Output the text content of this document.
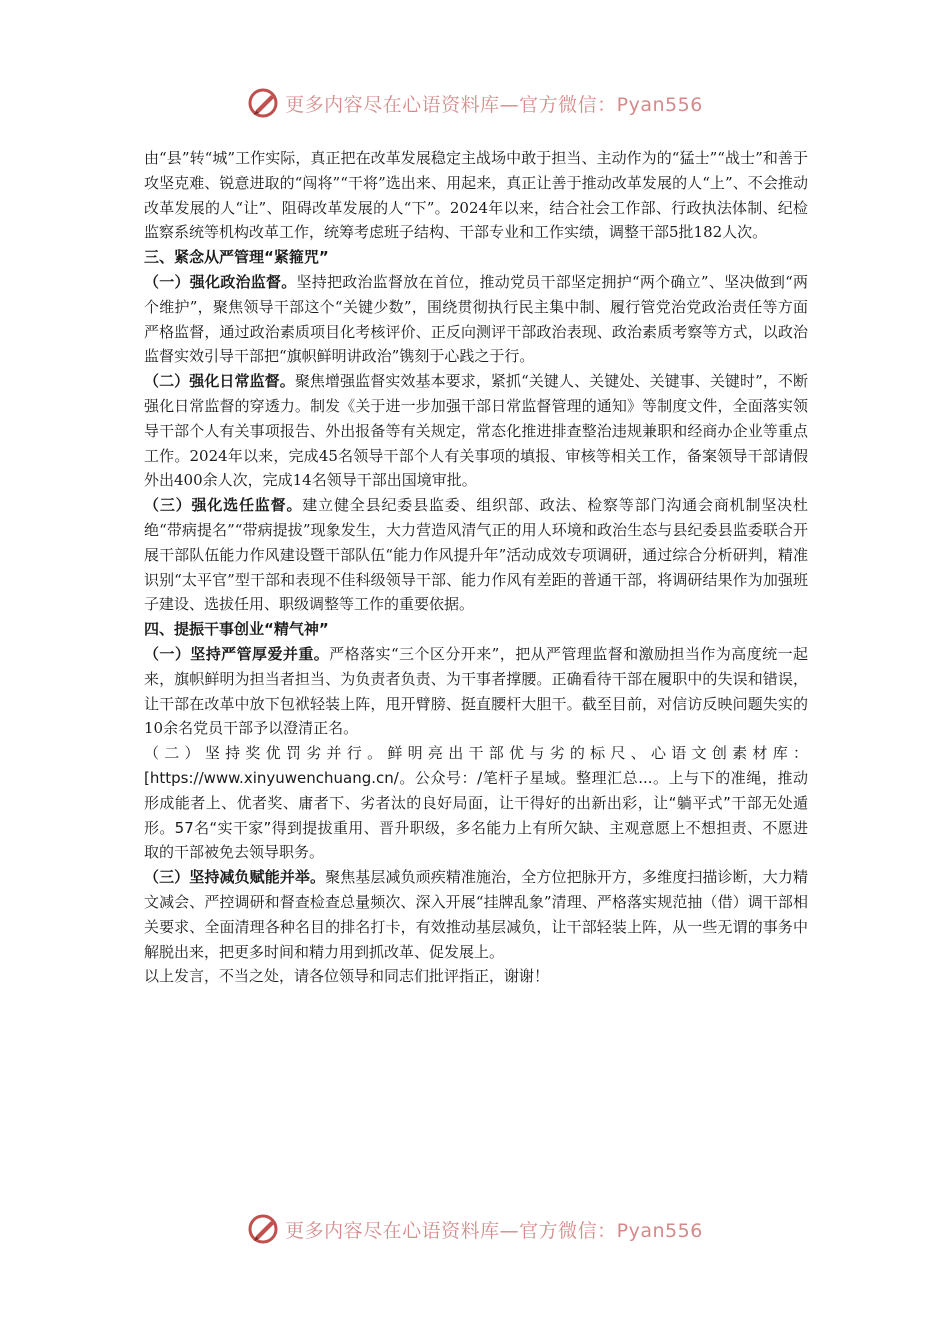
更多内容尽在心语资料库—官方微信：Pyan556

由“县”转“城”工作实际，真正把在改革发展稳定主战场中敢于担当、主动作为的“猛士”“战士”和善于攻坚克难、锐意进取的“闯将”“干将”选出来、用起来，真正让善于推动改革发展的人“上”、不会推动改革发展的人“让”、阻碍改革发展的人“下”。2024年以来，结合社会工作部、行政执法体制、纪检监察系统等机构改革工作，统筹考虑班子结构、干部专业和工作实绩，调整干部5批182人次。

三、紧念从严管理“紧箍咒”

（一）强化政治监督。坚持把政治监督放在首位，推动党员干部坚定拥护“两个确立”、坚决做到“两个维护”，聚焦领导干部这个“关键少数”，围绕贯彻执行民主集中制、履行管党治党政治责任等方面严格监督，通过政治素质项目化考核评价、正反向测评干部政治表现、政治素质考察等方式，以政治监督实效引导干部把“旗帜鲜明讲政治”镌刻于心践之于行。

（二）强化日常监督。聚焦增强监督实效基本要求，紧抓“关键人、关键处、关键事、关键时”，不断强化日常监督的穿透力。制发《关于进一步加强干部日常监督管理的通知》等制度文件，全面落实领导干部个人有关事项报告、外出报备等有关规定，常态化推进排查整治违规兼职和经商办企业等重点工作。2024年以来，完成45名领导干部个人有关事项的填报、审核等相关工作，备案领导干部请假外出400余人次，完成14名领导干部出国境审批。

（三）强化选任监督。建立健全县纪委县监委、组织部、政法、检察等部门沟通会商机制坚决杜绝“带病提名”“带病提拔”现象发生，大力营造风清气正的用人环境和政治生态与县纪委县监委联合开展干部队伍能力作风建设暨干部队伍“能力作风提升年”活动成效专项调研，通过综合分析研判，精准识别“太平官”型干部和表现不佳科级领导干部、能力作风有差距的普通干部，将调研结果作为加强班子建设、选拔任用、职级调整等工作的重要依据。

四、提振干事创业“精气神”

（一）坚持严管厚爱并重。严格落实“三个区分开来”，把从严管理监督和激励担当作为高度统一起来，旗帜鲜明为担当者担当、为负责者负责、为干事者撑腰。正确看待干部在履职中的失误和错误，让干部在改革中放下包袱轻装上阵，甩开臂膀、挺直腰杆大胆干。截至目前，对信访反映问题失实的10余名党员干部予以澄清正名。

（二）坚持奖优罚劣并行。鲜明亮出干部优与劣的标尺、心语文创素材库：[https://www.xinyuwenchuang.cn/。公众号：/笔杆子星域。整理汇总...。上与下的准绳，推动形成能者上、优者奖、庸者下、劣者汰的良好局面，让干得好的出新出彩，让“躺平式”干部无处遁形。57名“实干家”得到提拔重用、晋升职级，多名能力上有所欠缺、主观意愿上不想担责、不愿进取的干部被免去领导职务。

（三）坚持减负赋能并举。聚焦基层减负顽疾精准施治，全方位把脉开方，多维度扫描诊断，大力精文减会、严控调研和督查检查总量频次、深入开展“挂牌乱象”清理、严格落实规范抽（借）调干部相关要求、全面清理各种名目的排名打卡，有效推动基层减负，让干部轻装上阵，从一些无谓的事务中解脱出来，把更多时间和精力用到抓改革、促发展上。

以上发言，不当之处，请各位领导和同志们批评指正，谢谢！

更多内容尽在心语资料库—官方微信：Pyan556
